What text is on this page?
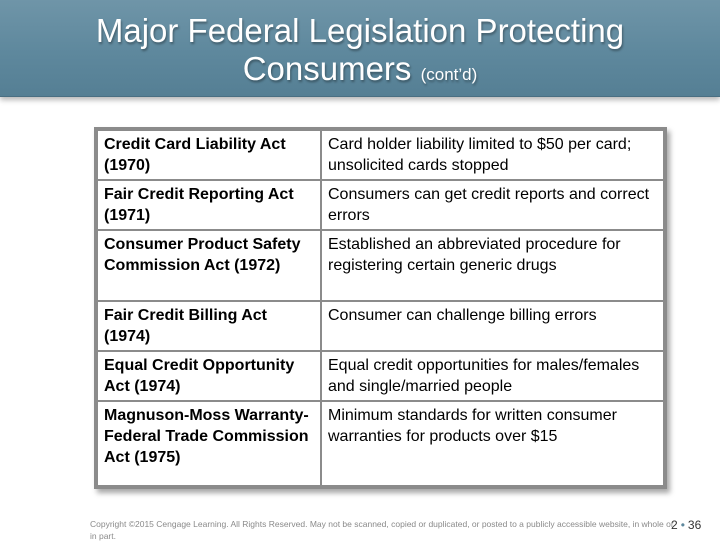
Major Federal Legislation Protecting
Consumers (cont’d)
Credit Card Liability Act (1970)	Card holder liability limited to $50 per card; unsolicited cards stopped
Fair Credit Reporting Act (1971)	Consumers can get credit reports and correct errors
Consumer Product Safety Commission Act (1972)	Established an abbreviated procedure for registering certain generic drugs
Fair Credit Billing Act (1974)	Consumer can challenge billing errors
Equal Credit Opportunity Act (1974)	Equal credit opportunities for males/females and single/married people
Magnuson-Moss Warranty-Federal Trade Commission Act (1975)	Minimum standards for written consumer warranties for products over $15
Copyright ©2015 Cengage Learning. All Rights Reserved. May not be scanned, copied or duplicated, or posted to a publicly accessible website, in whole or in part.
2 • 36
